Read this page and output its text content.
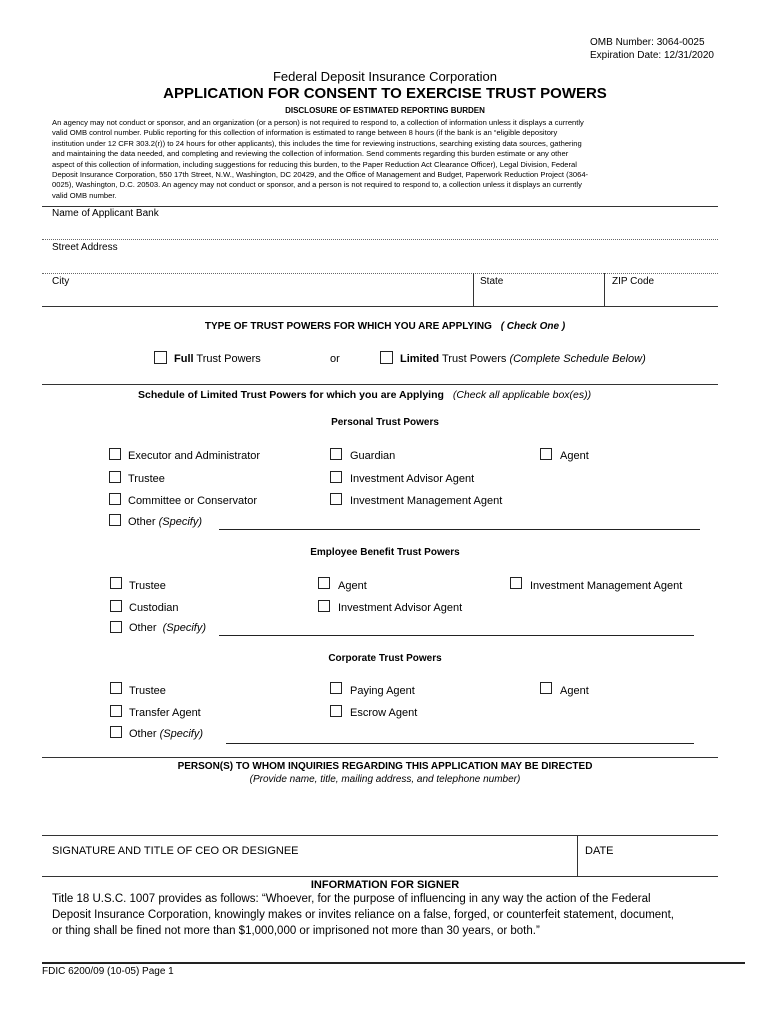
OMB Number: 3064-0025
Expiration Date: 12/31/2020
Federal Deposit Insurance Corporation
APPLICATION FOR CONSENT TO EXERCISE TRUST POWERS
DISCLOSURE OF ESTIMATED REPORTING BURDEN
An agency may not conduct or sponsor, and an organization (or a person) is not required to respond to, a collection of information unless it displays a currently
valid OMB control number. Public reporting for this collection of information is estimated to range between 8 hours (if the bank is an “eligible depository
institution under 12 CFR 303.2(r)) to 24 hours for other applicants), this includes the time for reviewing instructions, searching existing data sources, gathering
and maintaining the data needed, and completing and reviewing the collection of information. Send comments regarding this burden estimate or any other
aspect of this collection of information, including suggestions for reducing this burden, to the Paper Reduction Act Clearance Officer), Legal Division, Federal
Deposit Insurance Corporation, 550 17th Street, N.W., Washington, DC 20429, and the Office of Management and Budget, Paperwork Reduction Project (3064-
0025), Washington, D.C. 20503. An agency may not conduct or sponsor, and a person is not required to respond to, a collection unless it displays an currently
valid OMB number.
Name of Applicant Bank
Street Address
City	State	ZIP Code
TYPE OF TRUST POWERS FOR WHICH YOU ARE APPLYING ( Check One )
Full Trust Powers	or	Limited Trust Powers (Complete Schedule Below)
Schedule of Limited Trust Powers for which you are Applying (Check all applicable box(es))
Personal Trust Powers
Executor and Administrator	Guardian	Agent
Trustee	Investment Advisor Agent
Committee or Conservator	Investment Management Agent
Other (Specify)
Employee Benefit Trust Powers
Trustee	Agent	Investment Management Agent
Custodian	Investment Advisor Agent
Other (Specify)
Corporate Trust Powers
Trustee	Paying Agent	Agent
Transfer Agent	Escrow Agent
Other (Specify)
PERSON(S) TO WHOM INQUIRIES REGARDING THIS APPLICATION MAY BE DIRECTED
(Provide name, title, mailing address, and telephone number)
SIGNATURE AND TITLE OF CEO OR DESIGNEE	DATE
INFORMATION FOR SIGNER
Title 18 U.S.C. 1007 provides as follows: “Whoever, for the purpose of influencing in any way the action of the Federal
Deposit Insurance Corporation, knowingly makes or invites reliance on a false, forged, or counterfeit statement, document,
or thing shall be fined not more than $1,000,000 or imprisoned not more than 30 years, or both.”
FDIC 6200/09 (10-05) Page 1
